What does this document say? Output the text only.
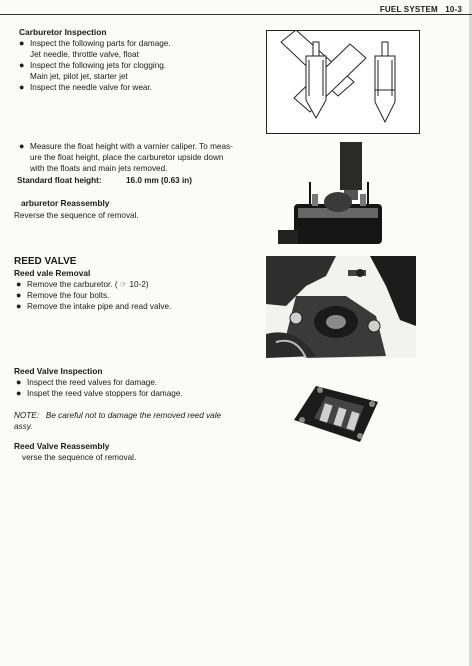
FUEL SYSTEM 10-3
Carburetor Inspection
● Inspect the following parts for damage.
Jet needle, throttle valve, float
● Inspect the following jets for clogging.
Main jet, pilot jet, starter jet
● Inspect the needle valve for wear.
● Measure the float height with a varnier caliper. To meas-
ure the float height, place the carburetor upside down
with the floats and main jets removed.
Standard float height:	16.0 mm (0.63 in)
arburetor Reassembly
Reverse the sequence of removal.
REED VALVE
Reed vale Removal
● Remove the carburetor. ( ☞ 10-2)
● Remove the four bolts.
● Remove the intake pipe and read valve.
Reed Valve Inspection
● Inspect the reed valves for damage.
● Inspet the reed valve stoppers for damage.
NOTE: Be careful not to damage the removed reed vale
assy.
Reed Valve Reassembly
verse the sequence of removal.
